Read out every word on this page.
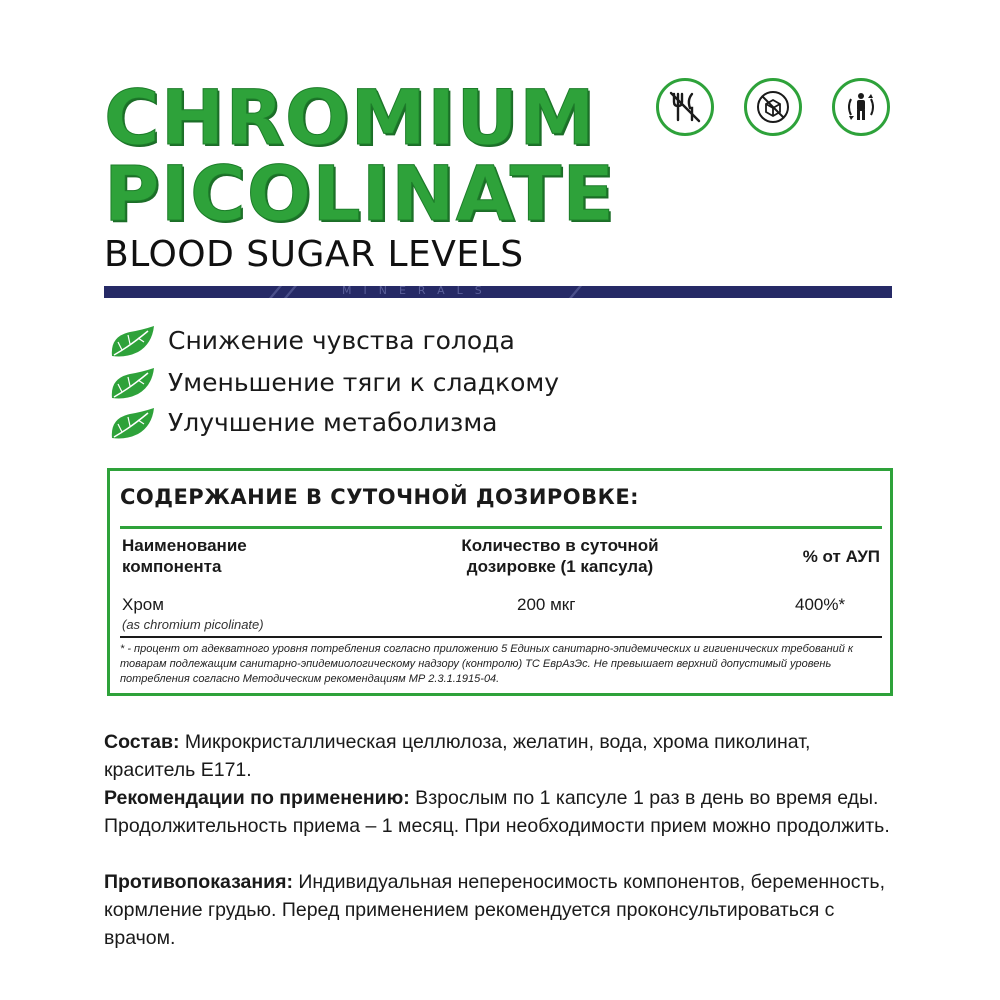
CHROMIUM
PICOLINATE
BLOOD SUGAR LEVELS
MINERALS
Снижение чувства голода
Уменьшение тяги к сладкому
Улучшение метаболизма
СОДЕРЖАНИЕ В СУТОЧНОЙ ДОЗИРОВКЕ:
Наименование
компонента
Количество в суточной
дозировке (1 капсула)
% от АУП
Хром
(as chromium picolinate)
200 мкг	400%*
* - процент от адекватного уровня потребления согласно приложению 5 Единых санитарно-эпидемических и гигиенических требований к товарам подлежащим санитарно-эпидемиологическому надзору (контролю) ТС ЕврАзЭс. Не превышает верхний допустимый уровень потребления согласно Методическим рекомендациям МР 2.3.1.1915-04.
Состав: Микрокристаллическая целлюлоза, желатин, вода, хрома пиколинат, краситель Е171.
Рекомендации по применению: Взрослым по 1 капсуле 1 раз в день во время еды. Продолжительность приема – 1 месяц. При необходимости прием можно продолжить.
Противопоказания: Индивидуальная непереносимость компонентов, беременность, кормление грудью. Перед применением рекомендуется проконсультироваться с врачом.
